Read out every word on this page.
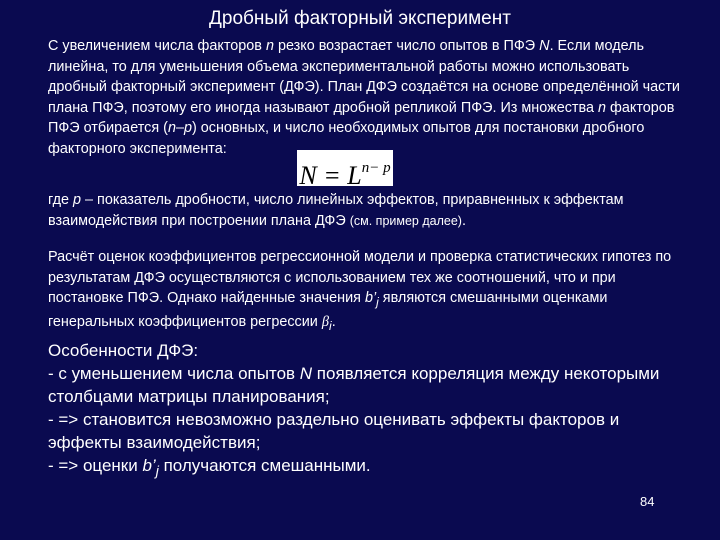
Дробный факторный эксперимент
С увеличением числа факторов n резко возрастает число опытов в ПФЭ N. Если модель линейна, то для уменьшения объема экспериментальной работы можно использовать дробный факторный эксперимент (ДФЭ). План ДФЭ создаётся на основе определённой части плана ПФЭ, поэтому его иногда называют дробной репликой ПФЭ. Из множества n факторов ПФЭ отбирается (n–p) основных, и число необходимых опытов для постановки дробного факторного эксперимента:
$N = L^{n- p}$
где p – показатель дробности, число линейных эффектов, приравненных к эффектам взаимодействия при построении плана ДФЭ (см. пример далее).
Расчёт оценок коэффициентов регрессионной модели и проверка статистических гипотез по результатам ДФЭ осуществляются с использованием тех же соотношений, что и при постановке ПФЭ. Однако найденные значения $b’_j$ являются смешанными оценками генеральных коэффициентов регрессии $\beta_i$.
Особенности ДФЭ:
- с уменьшением числа опытов N появляется корреляция между некоторыми столбцами матрицы планирования;
- => становится невозможно раздельно оценивать эффекты факторов и эффекты взаимодействия;
- => оценки $b’_j$ получаются смешанными.
84
